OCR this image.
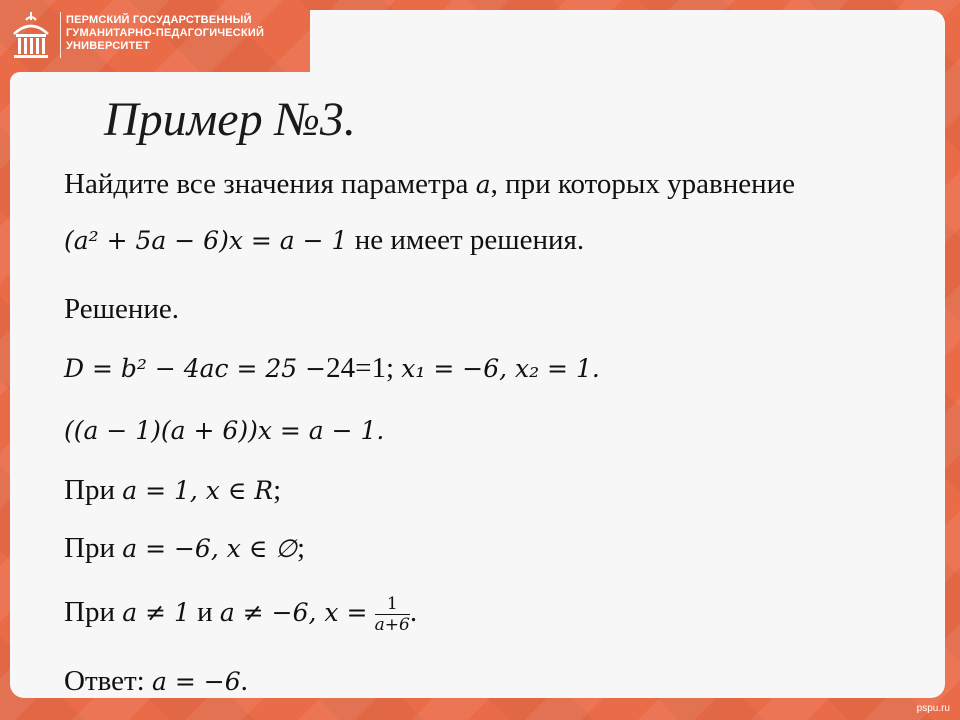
ПЕРМСКИЙ ГОСУДАРСТВЕННЫЙ
ГУМАНИТАРНО-ПЕДАГОГИЧЕСКИЙ
УНИВЕРСИТЕТ
Пример №3.
Найдите все значения параметра a, при которых уравнение
(a² + 5a − 6)x = a − 1 не имеет решения.
Решение.
D = b² − 4ac = 25 −24=1; x₁ = −6, x₂ = 1.
((a − 1)(a + 6))x = a − 1.
При a = 1, x ∈ R;
При a = −6, x ∈ ∅;
При a ≠ 1 и a ≠ −6, $x = \frac{1}{a+6}$ .
Ответ: a = −6.
pspu.ru
